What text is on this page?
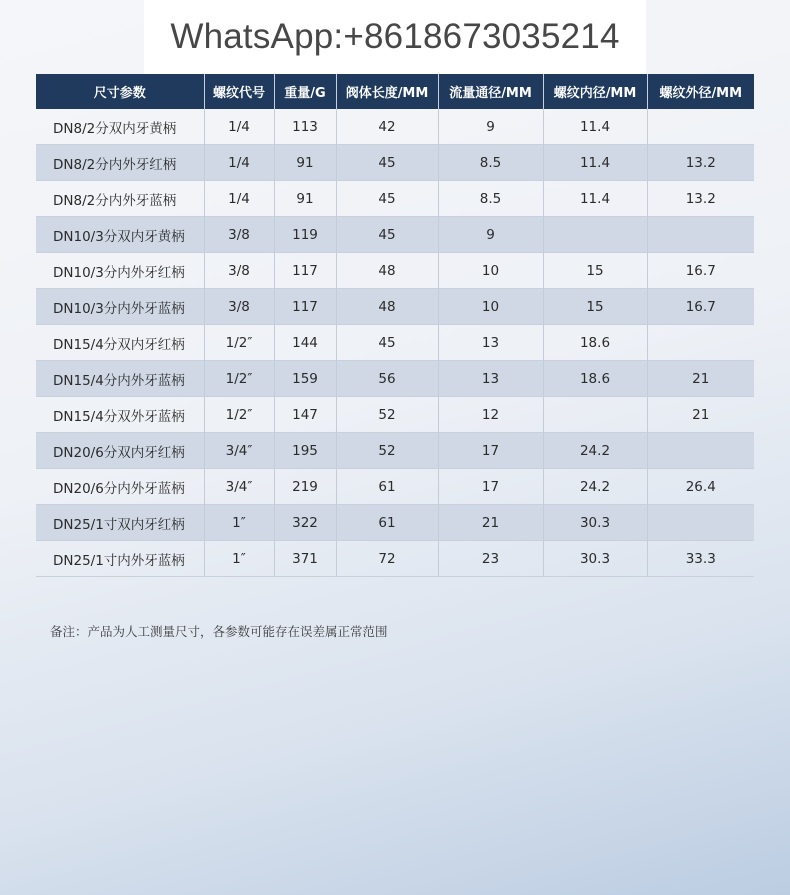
WhatsApp:+8618673035214
尺寸参数	螺纹代号	重量/G	阀体长度/MM	流量通径/MM	螺纹内径/MM	螺纹外径/MM
DN8/2分双内牙黄柄	1/4	113	42	9	11.4	
DN8/2分内外牙红柄	1/4	91	45	8.5	11.4	13.2
DN8/2分内外牙蓝柄	1/4	91	45	8.5	11.4	13.2
DN10/3分双内牙黄柄	3/8	119	45	9		
DN10/3分内外牙红柄	3/8	117	48	10	15	16.7
DN10/3分内外牙蓝柄	3/8	117	48	10	15	16.7
DN15/4分双内牙红柄	1/2″	144	45	13	18.6	
DN15/4分内外牙蓝柄	1/2″	159	56	13	18.6	21
DN15/4分双外牙蓝柄	1/2″	147	52	12		21
DN20/6分双内牙红柄	3/4″	195	52	17	24.2	
DN20/6分内外牙蓝柄	3/4″	219	61	17	24.2	26.4
DN25/1寸双内牙红柄	1″	322	61	21	30.3	
DN25/1寸内外牙蓝柄	1″	371	72	23	30.3	33.3
备注：产品为人工测量尺寸，各参数可能存在误差属正常范围
